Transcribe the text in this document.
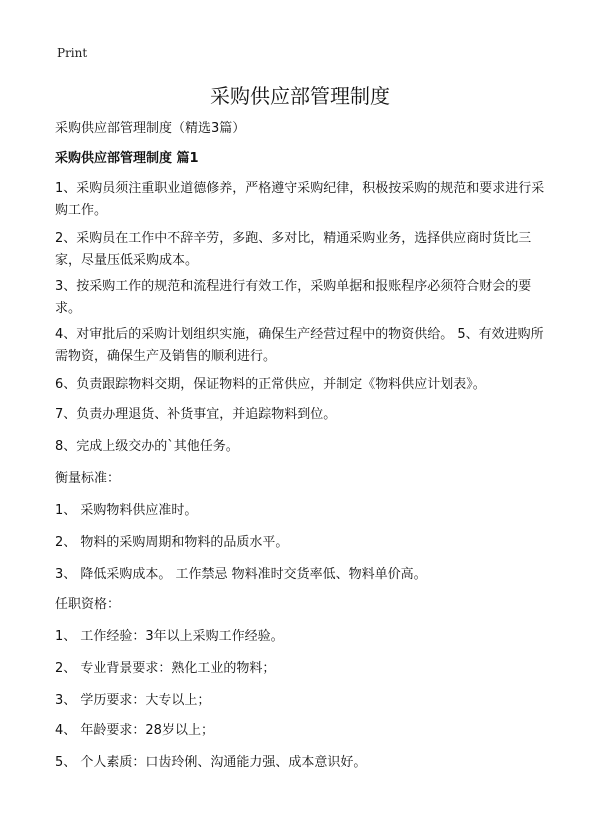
Print
采购供应部管理制度

采购供应部管理制度（精选3篇）

采购供应部管理制度 篇1

1、采购员须注重职业道德修养，严格遵守采购纪律，积极按采购的规范和要求进行采购工作。

2、采购员在工作中不辞辛劳，多跑、多对比，精通采购业务，选择供应商时货比三家，尽量压低采购成本。

3、按采购工作的规范和流程进行有效工作，采购单据和报账程序必须符合财会的要求。

4、对审批后的采购计划组织实施，确保生产经营过程中的物资供给。 5、有效进购所需物资，确保生产及销售的顺利进行。

6、负责跟踪物料交期，保证物料的正常供应，并制定《物料供应计划表》。

7、负责办理退货、补货事宜，并追踪物料到位。

8、完成上级交办的`其他任务。

衡量标准：

1、 采购物料供应准时。

2、 物料的采购周期和物料的品质水平。

3、 降低采购成本。 工作禁忌 物料准时交货率低、物料单价高。

任职资格：

1、 工作经验：3年以上采购工作经验。

2、 专业背景要求：熟化工业的物料；

3、 学历要求：大专以上；

4、 年龄要求：28岁以上；

5、 个人素质：口齿玲俐、沟通能力强、成本意识好。
